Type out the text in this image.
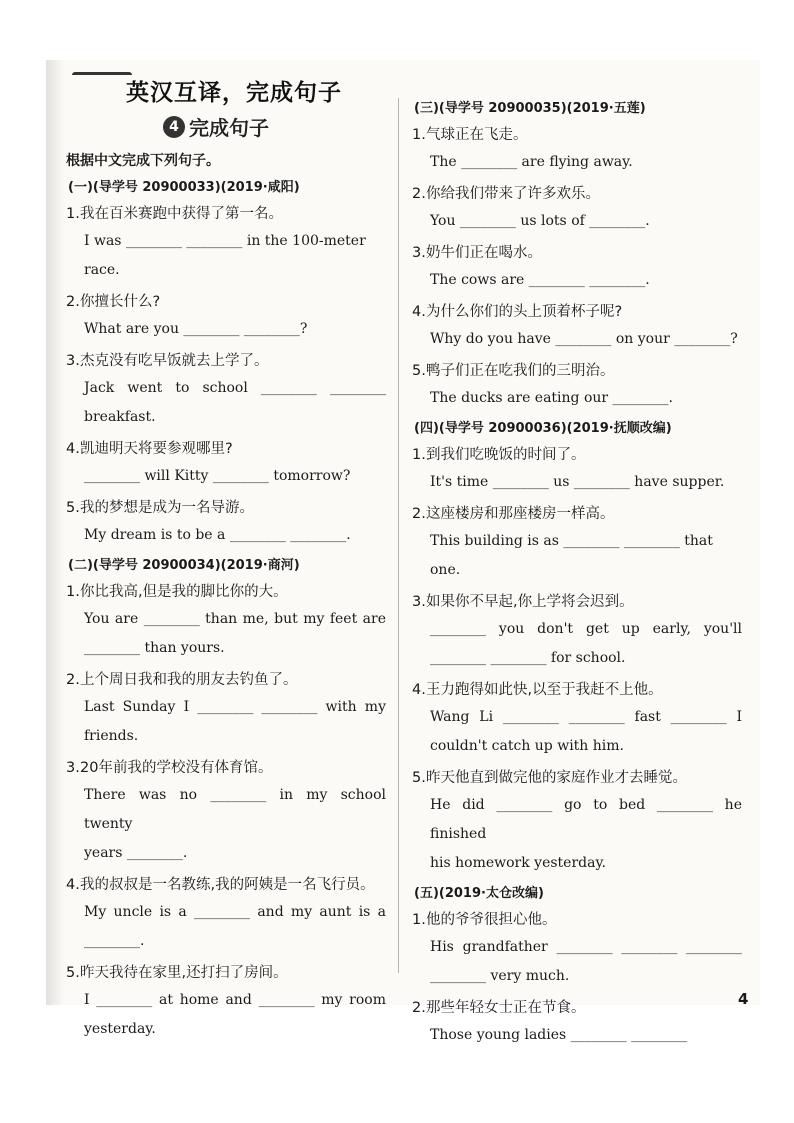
英汉互译，完成句子
4 完成句子
根据中文完成下列句子。
(一)(导学号 20900033)(2019·咸阳)
1.我在百米赛跑中获得了第一名。
I was ________ ________ in the 100-meter race.
2.你擅长什么?
What are you ________ ________?
3.杰克没有吃早饭就去上学了。
Jack went to school ________ ________
breakfast.
4.凯迪明天将要参观哪里?
________ will Kitty ________ tomorrow?
5.我的梦想是成为一名导游。
My dream is to be a ________ ________.
(二)(导学号 20900034)(2019·商河)
1.你比我高,但是我的脚比你的大。
You are ________ than me, but my feet are
________ than yours.
2.上个周日我和我的朋友去钓鱼了。
Last Sunday I ________ ________ with my
friends.
3.20年前我的学校没有体育馆。
There was no ________ in my school twenty
years ________.
4.我的叔叔是一名教练,我的阿姨是一名飞行员。
My uncle is a ________ and my aunt is a
________.
5.昨天我待在家里,还打扫了房间。
I ________ at home and ________ my room
yesterday.
(三)(导学号 20900035)(2019·五莲)
1.气球正在飞走。
The ________ are flying away.
2.你给我们带来了许多欢乐。
You ________ us lots of ________.
3.奶牛们正在喝水。
The cows are ________ ________.
4.为什么你们的头上顶着杯子呢?
Why do you have ________ on your ________?
5.鸭子们正在吃我们的三明治。
The ducks are eating our ________.
(四)(导学号 20900036)(2019·抚顺改编)
1.到我们吃晚饭的时间了。
It's time ________ us ________ have supper.
2.这座楼房和那座楼房一样高。
This building is as ________ ________ that one.
3.如果你不早起,你上学将会迟到。
________ you don't get up early, you'll
________ ________ for school.
4.王力跑得如此快,以至于我赶不上他。
Wang Li ________ ________ fast ________ I
couldn't catch up with him.
5.昨天他直到做完他的家庭作业才去睡觉。
He did ________ go to bed ________ he finished
his homework yesterday.
(五)(2019·太仓改编)
1.他的爷爷很担心他。
His grandfather ________ ________ ________
________ very much.
2.那些年轻女士正在节食。
Those young ladies ________ ________
4
